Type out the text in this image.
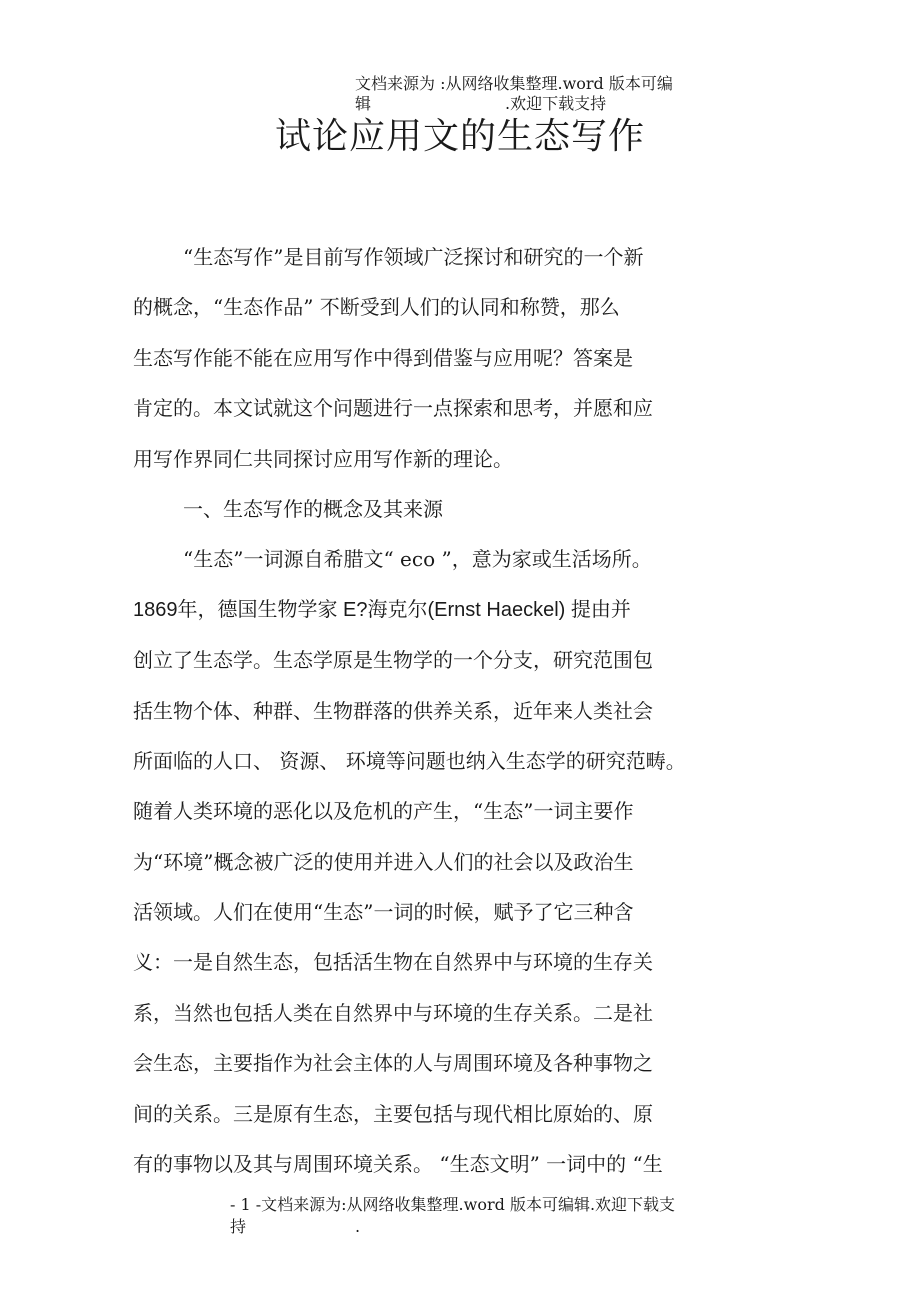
文档来源为 :从网络收集整理.word 版本可编
辑	.欢迎下载支持
试论应用文的生态写作
“生态写作”是目前写作领域广泛探讨和研究的一个新
的概念，“生态作品” 不断受到人们的认同和称赞，那么
生态写作能不能在应用写作中得到借鉴与应用呢？答案是
肯定的。本文试就这个问题进行一点探索和思考，并愿和应
用写作界同仁共同探讨应用写作新的理论。
一、生态写作的概念及其来源
“生态”一词源自希腊文“ eco ”，意为家或生活场所。
1869年，德国生物学家 E?海克尔(Ernst Haeckel) 提由并
创立了生态学。生态学原是生物学的一个分支，研究范围包
括生物个体、种群、生物群落的供养关系，近年来人类社会
所面临的人口、 资源、 环境等问题也纳入生态学的研究范畴。
随着人类环境的恶化以及危机的产生，“生态”一词主要作
为“环境”概念被广泛的使用并进入人们的社会以及政治生
活领域。人们在使用“生态”一词的时候，赋予了它三种含
义：一是自然生态，包括活生物在自然界中与环境的生存关
系，当然也包括人类在自然界中与环境的生存关系。二是社
会生态，主要指作为社会主体的人与周围环境及各种事物之
间的关系。三是原有生态，主要包括与现代相比原始的、原
有的事物以及其与周围环境关系。 “生态文明” 一词中的 “生
- 1 -文档来源为:从网络收集整理.word 版本可编辑.欢迎下载支
持	.
